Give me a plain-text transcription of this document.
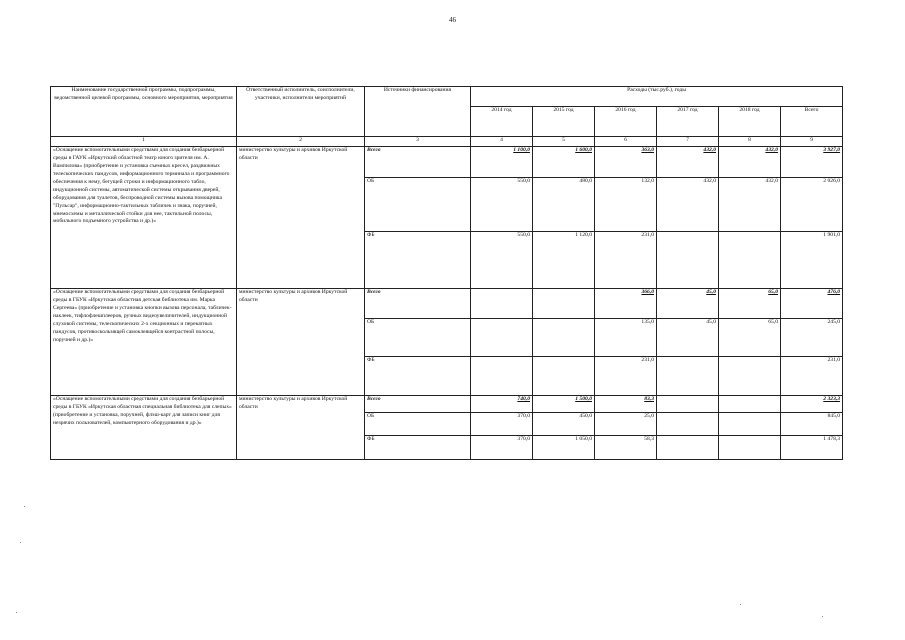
46
Наименование государственной программы, подпрограммы, ведомственной целевой программы, основного мероприятия, мероприятия	Ответственный исполнитель, соисполнители, участники, исполнители мероприятий	Источники финансирования	Расходы (тыс.руб.), годы					
			2014 год	2015 год	2016 год	2017 год	2018 год	Всего
1	2	3	4	5	6	7	8	9
«Оснащение вспомогательными средствами для создания безбарьерной среды в ГАУК «Иркутский областной театр юного зрителя им. А. Вампилова» (приобретение и установка съемных кресел, раздвижных телескопических пандусов, информационного терминала и программного обеспечения к нему, бегущей строки и информационного табло, индукционной системы, автоматической системы открывания дверей, оборудования для туалетов, беспроводной системы вызова помощника "Пульсар", информационно-тактильных табличек и знака, поручней, мнемосхемы и металлической стойки для нее, тактильной полосы, мобильного подъемного устройства и др.)»	министерство культуры и архивов Иркутской области	Всего	1 100,0	1 600,0	363,0	432,0	432,0	3 927,0
		ОБ	550,0	480,0	132,0	432,0	432,0	2 026,0
		ФБ	550,0	1 120,0	231,0			1 901,0
«Оснащение вспомогательными средствами для создания безбарьерной среды в ГБУК «Иркутская областная детская библиотека им. Марка Сергеева» (приобретение и установка кнопки вызова персонала, табличек-наклеек, тифлофлешплееров, ручных видеоувеличителей, индукционной слуховой системы, телескопических 2-х секционных и перекатных пандусов, противоскользящей самоклеящейся контрастной полосы, поручней и др.)»	министерство культуры и архивов Иркутской области	Всего			366,0	45,0	65,0	476,0
		ОБ			135,0	45,0	65,0	245,0
		ФБ			231,0			231,0
«Оснащение вспомогательными средствами для создания безбарьерной среды в ГБУК «Иркутская областная специальная библиотека для слепых» (приобретение и установка, поручней, флэш-карт для записи книг для незрячих пользователей, компьютерного оборудования и др.)»	министерство культуры и архивов Иркутской области	Всего	740,0	1 500,0	83,3			2 323,3
		ОБ	370,0	450,0	25,0			845,0
		ФБ	370,0	1 050,0	58,3			1 478,3
